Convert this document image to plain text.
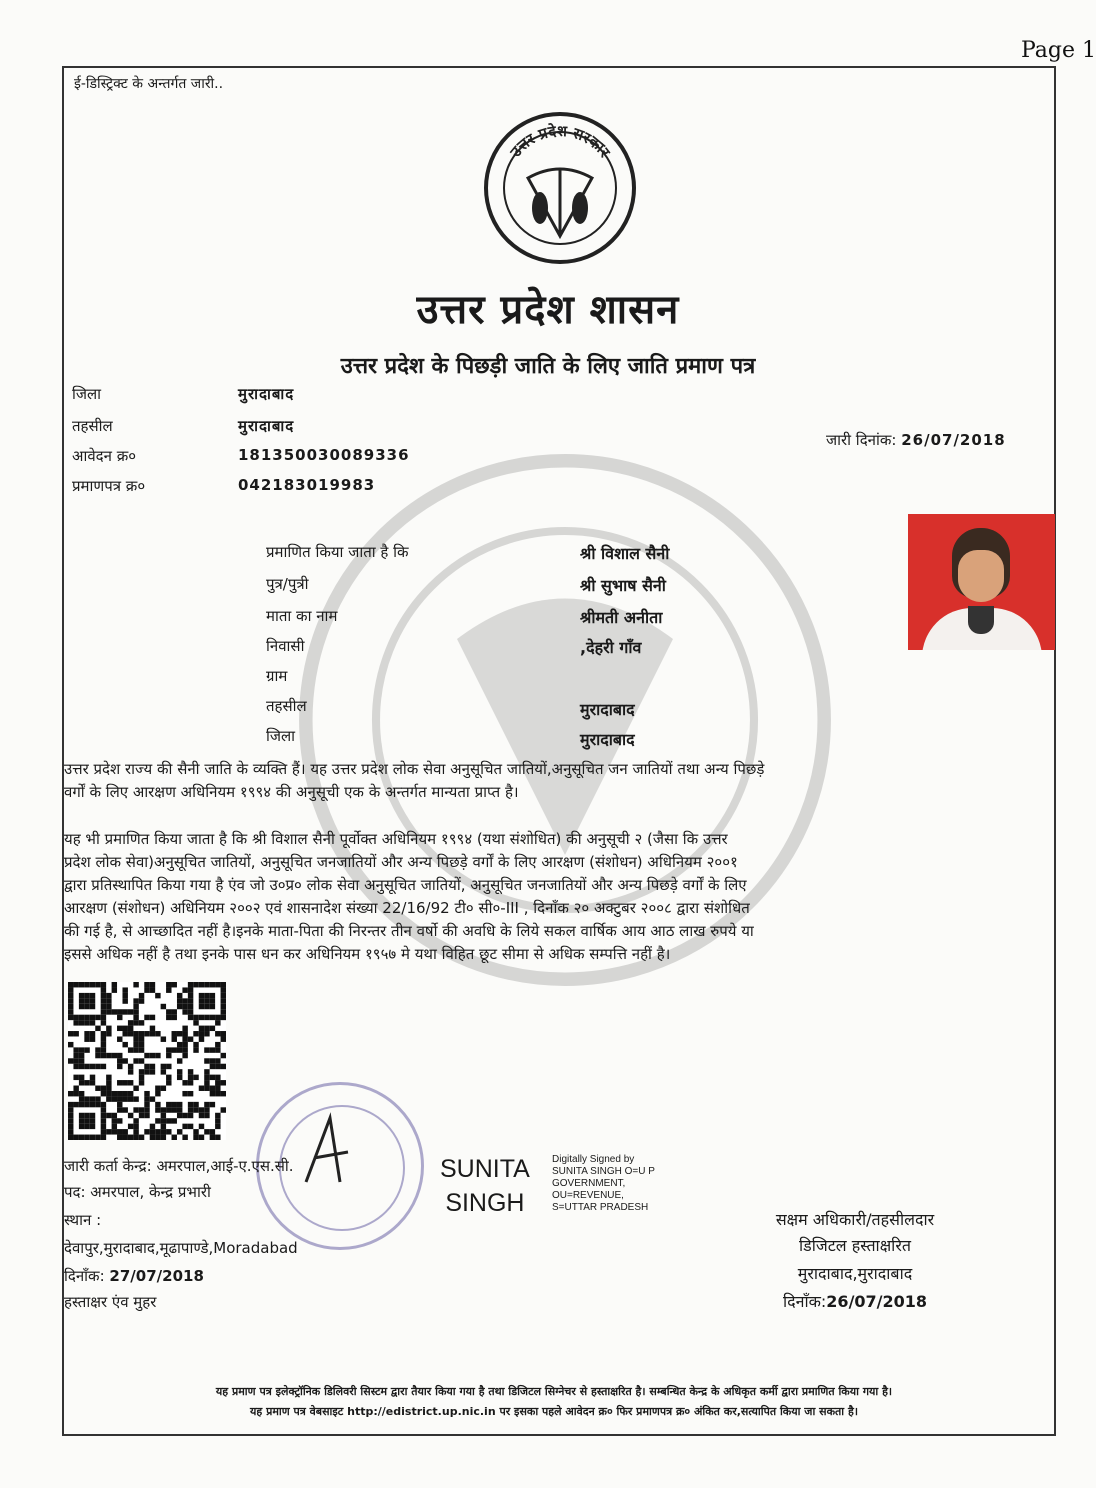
Page 1
ई-डिस्ट्रिक्ट के अन्तर्गत जारी..
उत्तर प्रदेश सरकार
उत्तर प्रदेश शासन
उत्तर प्रदेश के पिछड़ी जाति के लिए जाति प्रमाण पत्र
जिला	मुरादाबाद
तहसील	मुरादाबाद
आवेदन क्र०	181350030089336
प्रमाणपत्र क्र०	042183019983
जारी दिनांक: 26/07/2018
प्रमाणित किया जाता है कि	श्री विशाल सैनी
पुत्र/पुत्री	श्री सुभाष सैनी
माता का नाम	श्रीमती अनीता
निवासी	,देहरी गाँव
ग्राम
तहसील	मुरादाबाद
जिला	मुरादाबाद
उत्तर प्रदेश राज्य की सैनी जाति के व्यक्ति हैं। यह उत्तर प्रदेश लोक सेवा अनुसूचित जातियों,अनुसूचित जन जातियों तथा अन्य पिछड़े
वर्गों के लिए आरक्षण अधिनियम १९९४ की अनुसूची एक के अन्तर्गत मान्यता प्राप्त है।
यह भी प्रमाणित किया जाता है कि श्री विशाल सैनी पूर्वोक्त अधिनियम १९९४ (यथा संशोधित) की अनुसूची २ (जैसा कि उत्तर
प्रदेश लोक सेवा)अनुसूचित जातियों, अनुसूचित जनजातियों और अन्य पिछड़े वर्गों के लिए आरक्षण (संशोधन) अधिनियम २००१
द्वारा प्रतिस्थापित किया गया है एंव जो उ०प्र० लोक सेवा अनुसूचित जातियों, अनुसूचित जनजातियों और अन्य पिछड़े वर्गों के लिए
आरक्षण (संशोधन) अधिनियम २००२ एवं शासनादेश संख्या 22/16/92 टी० सी०-III , दिनाँक २० अक्टुबर २००८ द्वारा संशोधित
की गई है, से आच्छादित नहीं है।इनके माता-पिता की निरन्तर तीन वर्षो की अवधि के लिये सकल वार्षिक आय आठ लाख रुपये या
इससे अधिक नहीं है तथा इनके पास धन कर अधिनियम १९५७ मे यथा विहित छूट सीमा से अधिक सम्पत्ति नहीं है।
जारी कर्ता केन्द्र: अमरपाल,आई-ए.एस.सी.
पद: अमरपाल, केन्द्र प्रभारी
स्थान :
देवापुर,मुरादाबाद,मूढापाण्डे,Moradabad
दिनाँक: 27/07/2018
हस्ताक्षर एंव मुहर
SUNITA
SINGH
Digitally Signed by
SUNITA SINGH O=U P
GOVERNMENT,
OU=REVENUE,
S=UTTAR PRADESH
सक्षम अधिकारी/तहसीलदार
डिजिटल हस्ताक्षरित
मुरादाबाद,मुरादाबाद
दिनाँक:26/07/2018
यह प्रमाण पत्र इलेक्ट्रॉनिक डिलिवरी सिस्टम द्वारा तैयार किया गया है तथा डिजिटल सिग्नेचर से हस्ताक्षरित है। सम्बन्धित केन्द्र के अधिकृत कर्मी द्वारा प्रमाणित किया गया है।
यह प्रमाण पत्र वेबसाइट http://edistrict.up.nic.in पर इसका पहले आवेदन क्र० फिर प्रमाणपत्र क्र० अंकित कर,सत्यापित किया जा सकता है।
